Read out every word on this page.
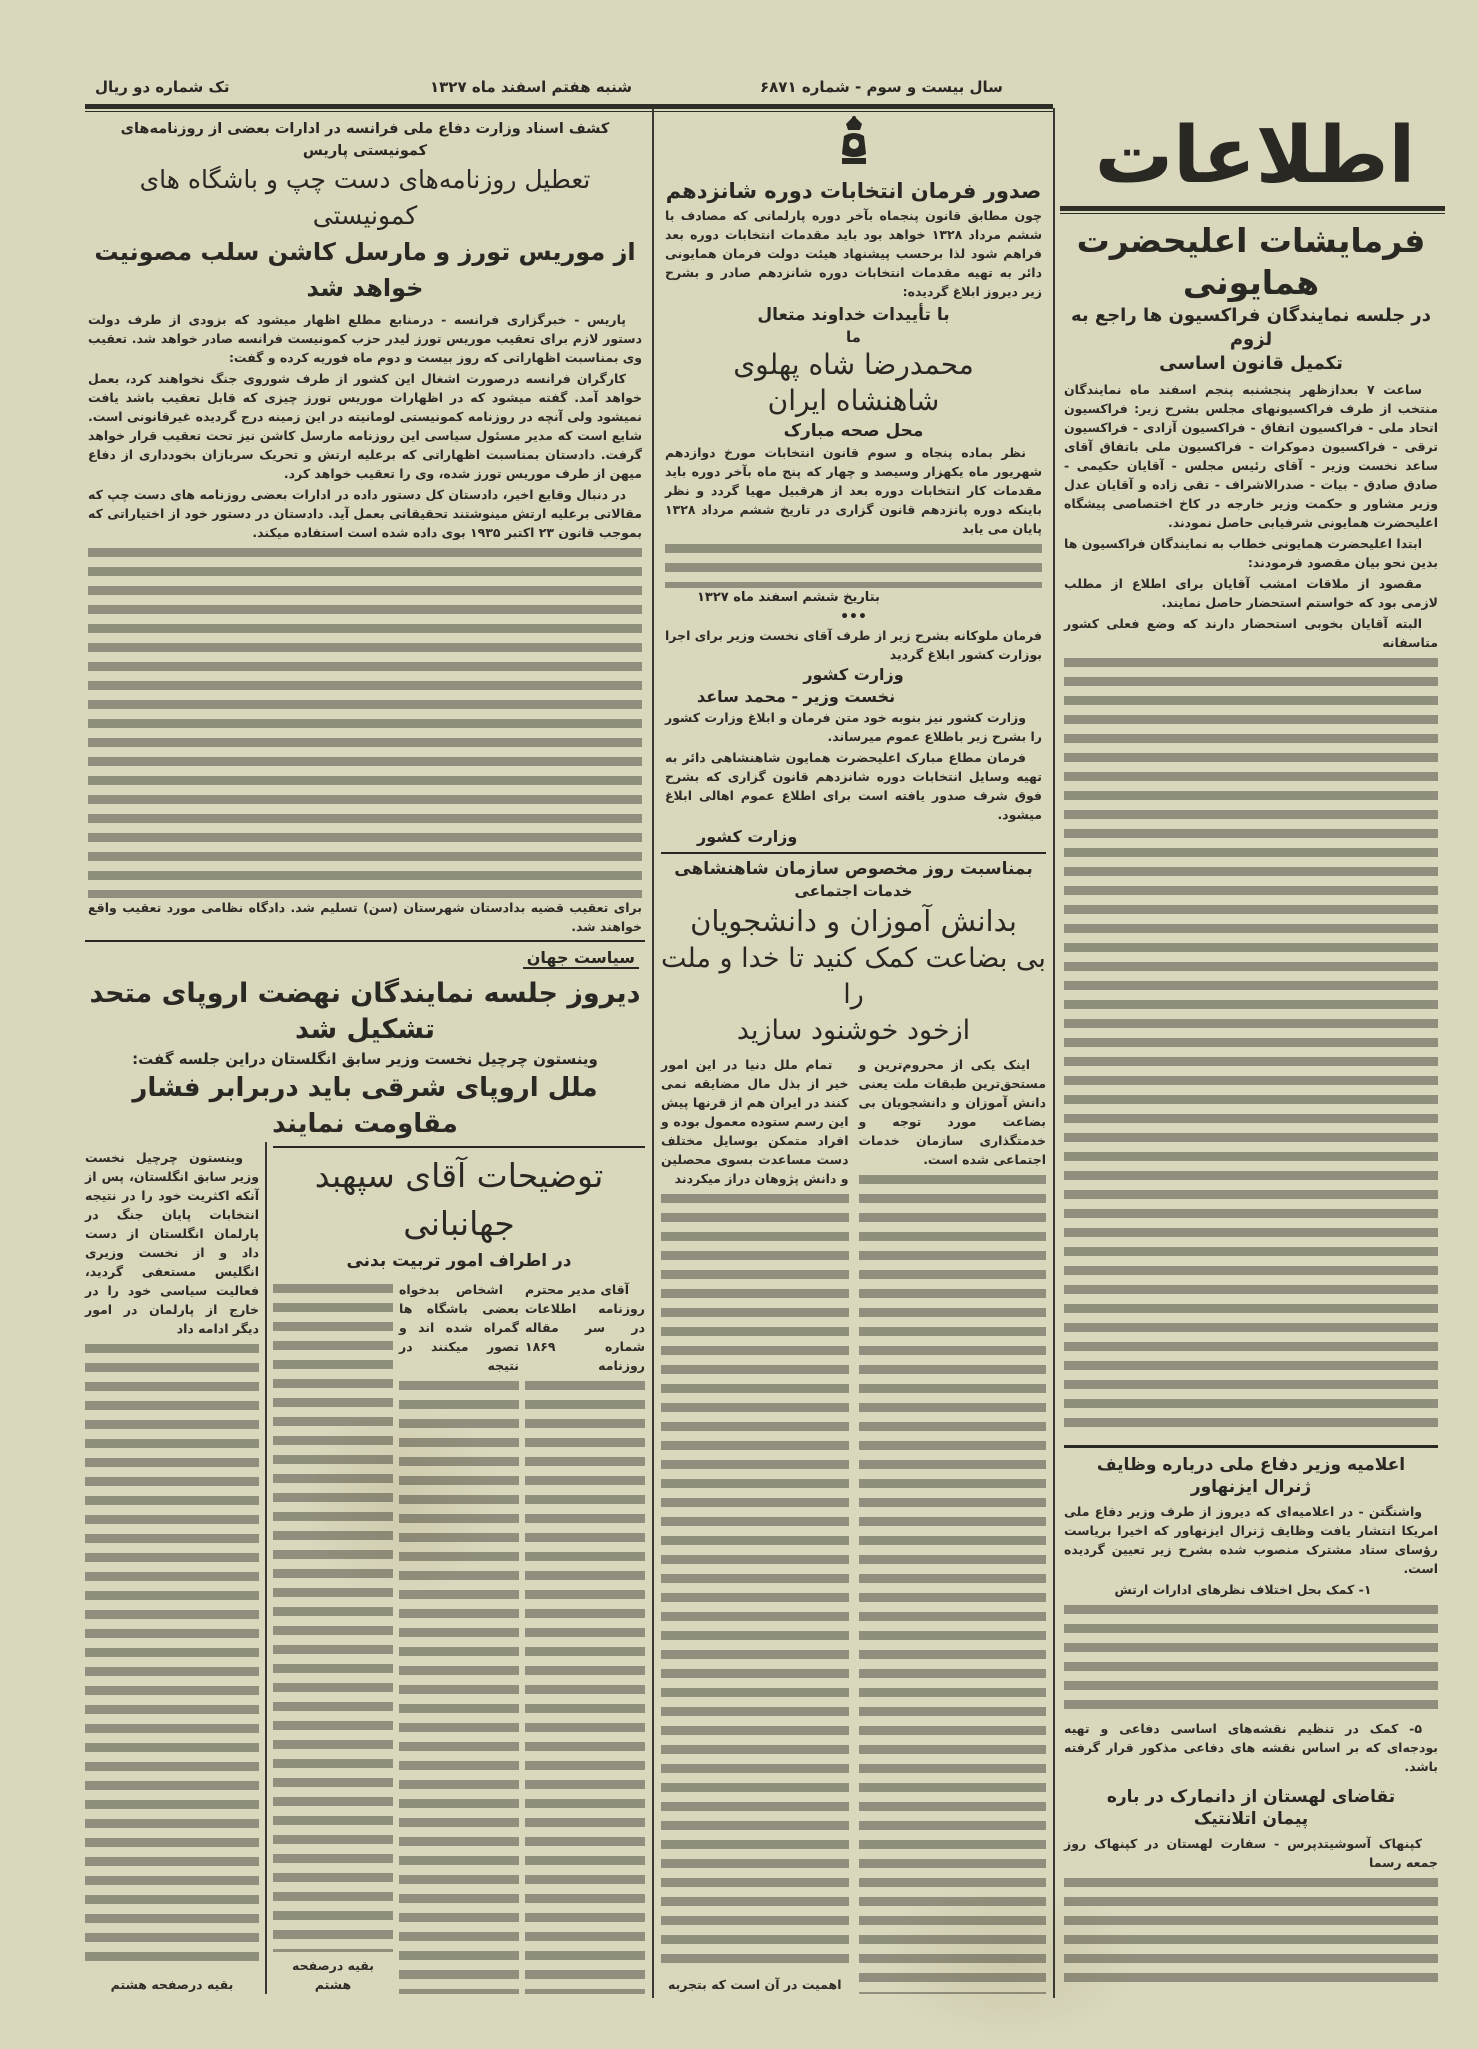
سال بیست و سوم - شماره ۶۸۷۱
شنبه هفتم اسفند ماه ۱۳۲۷
تک شماره دو ریال
اطلاعات
فرمایشات اعلیحضرت همایونی
در جلسه نمایندگان فراکسیون ها راجع به لزوم
تکمیل قانون اساسی

ساعت ۷ بعدازظهر پنجشنبه پنجم اسفند ماه نمایندگان منتخب از طرف فراکسیونهای مجلس بشرح زیر: فراکسیون اتحاد ملی - فراکسیون اتفاق - فراکسیون آزادی - فراکسیون ترقی - فراکسیون دموکرات - فراکسیون ملی باتفاق آقای ساعد نخست وزیر - آقای رئیس مجلس - آقایان حکیمی - صادق صادق - بیات - صدرالاشراف - تقی زاده و آقایان عدل وزیر مشاور و حکمت وزیر خارجه در کاخ اختصاصی پیشگاه اعلیحضرت همایونی شرفیابی حاصل نمودند.

ابتدا اعلیحضرت همایونی خطاب به نمایندگان فراکسیون ها بدین نحو بیان مقصود فرمودند:

مقصود از ملاقات امشب آقایان برای اطلاع از مطلب لازمی بود که خواستم استحضار حاصل نمایند.

البته آقایان بخوبی استحضار دارند که وضع فعلی کشور متاسفانه

اعلامیه وزیر دفاع ملی درباره وظایف
ژنرال ایزنهاور

واشنگتن - در اعلامیه‌ای که دیروز از طرف وزیر دفاع ملی امریکا انتشار یافت وظایف ژنرال ایزنهاور که اخیرا بریاست رؤسای ستاد مشترک منصوب شده بشرح زیر تعیین گردیده است.

۱- کمک بحل اختلاف نظرهای ادارات ارتش

۵- کمک در تنظیم نقشه‌های اساسی دفاعی و تهیه بودجه‌ای که بر اساس نقشه های دفاعی مذکور قرار گرفته باشد.

تقاضای لهستان از دانمارک در باره
پیمان اتلانتیک

کپنهاک آسوشیتدپرس - سفارت لهستان در کپنهاک روز جمعه رسما

صدور فرمان انتخابات دوره شانزدهم
چون مطابق قانون پنجماه بآخر دوره پارلمانی که مصادف با ششم مرداد ۱۳۲۸ خواهد بود باید مقدمات انتخابات دوره بعد فراهم شود لذا برحسب پیشنهاد هیئت دولت فرمان همایونی دائر به تهیه مقدمات انتخابات دوره شانزدهم صادر و بشرح زیر دیروز ابلاغ گردیده:
با تأییدات خداوند متعال
ما
محمدرضا شاه پهلوی
شاهنشاه ایران
محل صحه مبارک

نظر بماده پنجاه و سوم قانون انتخابات مورخ دوازدهم شهریور ماه یکهزار وسیصد و چهار که پنج ماه بآخر دوره باید مقدمات کار انتخابات دوره بعد از هرقبیل مهیا گردد و نظر باینکه دوره پانزدهم قانون گزاری در تاریخ ششم مرداد ۱۳۲۸ پایان می یابد

بتاریخ ششم اسفند ماه ۱۳۲۷
•••
فرمان ملوکانه بشرح زیر از طرف آقای نخست وزیر برای اجرا بوزارت کشور ابلاغ گردید
وزارت کشور
نخست وزیر - محمد ساعد

وزارت کشور نیز بنوبه خود متن فرمان و ابلاغ وزارت کشور را بشرح زیر باطلاع عموم میرساند.

فرمان مطاع مبارک اعلیحضرت همایون شاهنشاهی دائر به تهیه وسایل انتخابات دوره شانزدهم قانون گزاری که بشرح فوق شرف صدور یافته است برای اطلاع عموم اهالی ابلاغ میشود.

وزارت کشور
بمناسبت روز مخصوص سازمان شاهنشاهی
خدمات اجتماعی
بدانش آموزان و دانشجویان
بی بضاعت کمک کنید تا خدا و ملت را
ازخود خوشنود سازید

اینک یکی از محروم‌ترین و مستحق‌ترین طبقات ملت یعنی دانش آموزان و دانشجویان بی بضاعت مورد توجه و خدمتگذاری سازمان خدمات اجتماعی شده است.

تمام ملل دنیا در این امور خیر از بذل مال مضایقه نمی کنند در ایران هم از قرنها پیش این رسم ستوده معمول بوده و افراد متمکن بوسایل مختلف دست مساعدت بسوی محصلین و دانش پژوهان دراز میکردند

اهمیت در آن است که بتجربه
کشف اسناد وزارت دفاع ملی فرانسه در ادارات بعضی از روزنامه‌های کمونیستی پاریس
تعطیل روزنامه‌های دست چپ و باشگاه های کمونیستی
از موریس تورز و مارسل کاشن سلب مصونیت خواهد شد

پاریس - خبرگزاری فرانسه - درمنابع مطلع اظهار میشود که بزودی از طرف دولت دستور لازم برای تعقیب موریس تورز لیدر حزب کمونیست فرانسه صادر خواهد شد. تعقیب وی بمناسبت اظهاراتی که روز بیست و دوم ماه فوریه کرده و گفت:

کارگران فرانسه درصورت اشغال این کشور از طرف شوروی جنگ نخواهند کرد، بعمل خواهد آمد. گفته میشود که در اظهارات موریس تورز چیزی که قابل تعقیب باشد یافت نمیشود ولی آنچه در روزنامه کمونیستی لومانیته در این زمینه درج گردیده غیرقانونی است. شایع است که مدیر مسئول سیاسی این روزنامه مارسل کاشن نیز تحت تعقیب قرار خواهد گرفت. دادستان بمناسبت اظهاراتی که برعلیه ارتش و تحریک سربازان بخودداری از دفاع میهن از طرف موریس تورز شده، وی را تعقیب خواهد کرد.

در دنبال وقایع اخیر، دادستان کل دستور داده در ادارات بعضی روزنامه های دست چپ که مقالاتی برعلیه ارتش مینوشتند تحقیقاتی بعمل آید. دادستان در دستور خود از اختیاراتی که بموجب قانون ۲۳ اکتبر ۱۹۳۵ بوی داده شده است استفاده میکند.

برای تعقیب قضیه بدادستان شهرستان (سن) تسلیم شد. دادگاه نظامی مورد تعقیب واقع خواهند شد.
سیاست جهان
دیروز جلسه نمایندگان نهضت اروپای متحد تشکیل شد
وینستون چرچیل نخست وزیر سابق انگلستان دراین جلسه گفت:
ملل اروپای شرقی باید دربرابر فشار مقاومت نمایند
توضیحات آقای سپهبد جهانبانی
در اطراف امور تربیت بدنی

آقای مدیر محترم روزنامه اطلاعات در سر مقاله شماره ۱۸۶۹ روزنامه

اشخاص بدخواه بعضی باشگاه ها گمراه شده اند و تصور میکنند در نتیجه

بقیه درصفحه هشتم

وینستون چرچیل نخست وزیر سابق انگلستان، پس از آنکه اکثریت خود را در نتیجه انتخابات پایان جنگ در پارلمان انگلستان از دست داد و از نخست وزیری انگلیس مستعفی گردید، فعالیت سیاسی خود را در خارج از پارلمان در امور دیگر ادامه داد

بقیه درصفحه هشتم
